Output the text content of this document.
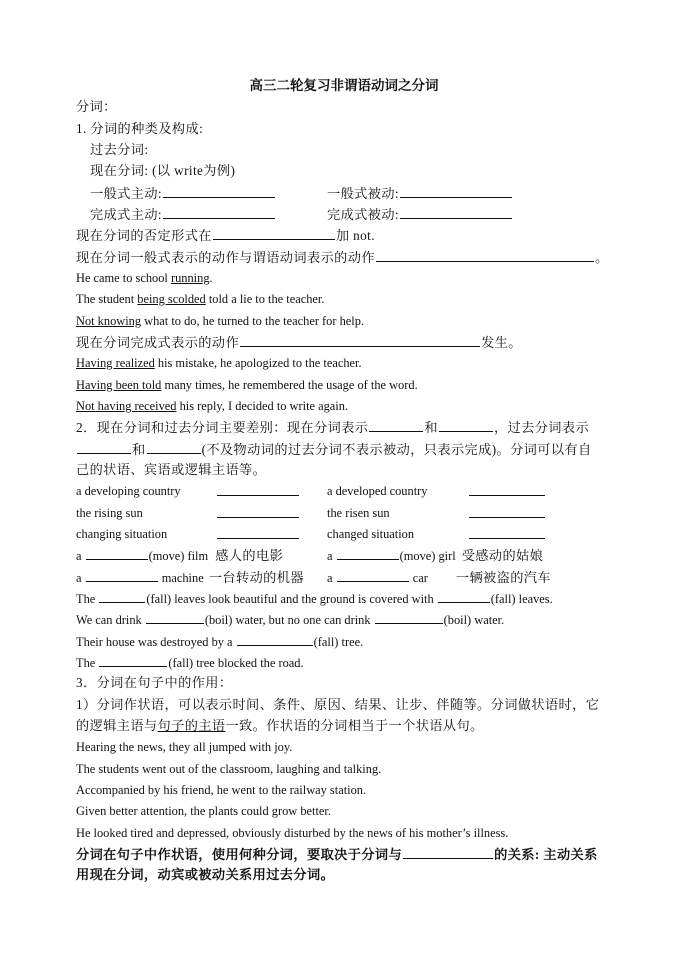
高三二轮复习非谓语动词之分词
分词：
1. 分词的种类及构成:
过去分词:
现在分词: (以 write为例)
一般式主动:	一般式被动:
完成式主动:	完成式被动:
现在分词的否定形式在	加 not.
现在分词一般式表示的动作与谓语动词表示的动作	。
He came to school running.
The student being scolded told a lie to the teacher.
Not knowing what to do, he turned to the teacher for help.
现在分词完成式表示的动作	发生。
Having realized his mistake, he apologized to the teacher.
Having been told many times, he remembered the usage of the word.
Not having received his reply, I decided to write again.
2．现在分词和过去分词主要差别：现在分词表示	和	，过去分词表示
和	(不及物动词的过去分词不表示被动，只表示完成)。分词可以有自
己的状语、宾语或逻辑主语等。
a developing country	a developed country
the rising sun	the risen sun
changing situation	changed situation
a	(move) film 感人的电影	a	(move) girl 受感动的姑娘
a	machine 一台转动的机器 a	car 一辆被盗的汽车
The	(fall) leaves look beautiful and the ground is covered with	(fall) leaves.
We can drink	(boil) water, but no one can drink	(boil) water.
Their house was destroyed by a	(fall) tree.
The	(fall) tree blocked the road.
3．分词在句子中的作用：
1）分词作状语，可以表示时间、条件、原因、结果、让步、伴随等。分词做状语时，它
的逻辑主语与句子的主语一致。作状语的分词相当于一个状语从句。
Hearing the news, they all jumped with joy.
The students went out of the classroom, laughing and talking.
Accompanied by his friend, he went to the railway station.
Given better attention, the plants could grow better.
He looked tired and depressed, obviously disturbed by the news of his mother’s illness.
分词在句子中作状语，使用何种分词，要取决于分词与	的关系: 主动关系
用现在分词，动宾或被动关系用过去分词。
